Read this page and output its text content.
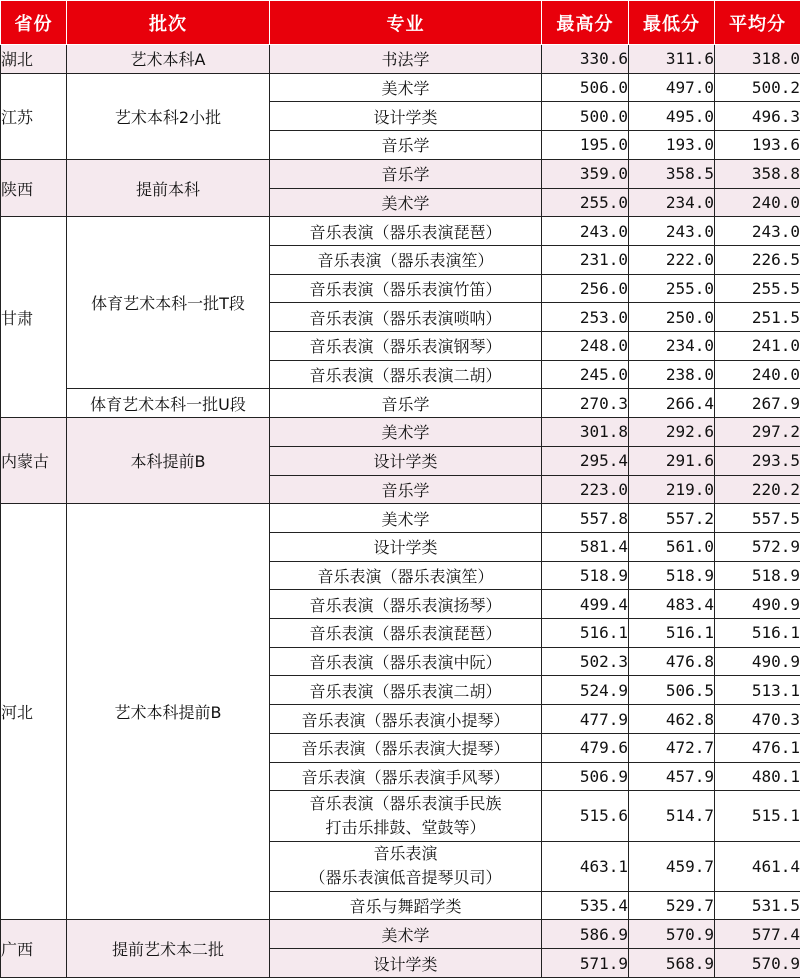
省份	批次	专业	最高分	最低分	平均分
湖北	艺术本科A	书法学	330.6	311.6	318.0
江苏	艺术本科2小批	美术学	506.0	497.0	500.2
		设计学类	500.0	495.0	496.3
		音乐学	195.0	193.0	193.6
陕西	提前本科	音乐学	359.0	358.5	358.8
		美术学	255.0	234.0	240.0
甘肃	体育艺术本科一批T段	音乐表演（器乐表演琵琶）	243.0	243.0	243.0
		音乐表演（器乐表演笙）	231.0	222.0	226.5
		音乐表演（器乐表演竹笛）	256.0	255.0	255.5
		音乐表演（器乐表演唢呐）	253.0	250.0	251.5
		音乐表演（器乐表演钢琴）	248.0	234.0	241.0
		音乐表演（器乐表演二胡）	245.0	238.0	240.0
	体育艺术本科一批U段	音乐学	270.3	266.4	267.9
内蒙古	本科提前B	美术学	301.8	292.6	297.2
		设计学类	295.4	291.6	293.5
		音乐学	223.0	219.0	220.2
河北	艺术本科提前B	美术学	557.8	557.2	557.5
		设计学类	581.4	561.0	572.9
		音乐表演（器乐表演笙）	518.9	518.9	518.9
		音乐表演（器乐表演扬琴）	499.4	483.4	490.9
		音乐表演（器乐表演琵琶）	516.1	516.1	516.1
		音乐表演（器乐表演中阮）	502.3	476.8	490.9
		音乐表演（器乐表演二胡）	524.9	506.5	513.1
		音乐表演（器乐表演小提琴）	477.9	462.8	470.3
		音乐表演（器乐表演大提琴）	479.6	472.7	476.1
		音乐表演（器乐表演手风琴）	506.9	457.9	480.1
		音乐表演（器乐表演手民族
打击乐排鼓、堂鼓等）	515.6	514.7	515.1
		音乐表演
（器乐表演低音提琴贝司）	463.1	459.7	461.4
		音乐与舞蹈学类	535.4	529.7	531.5
广西	提前艺术本二批	美术学	586.9	570.9	577.4
		设计学类	571.9	568.9	570.9
